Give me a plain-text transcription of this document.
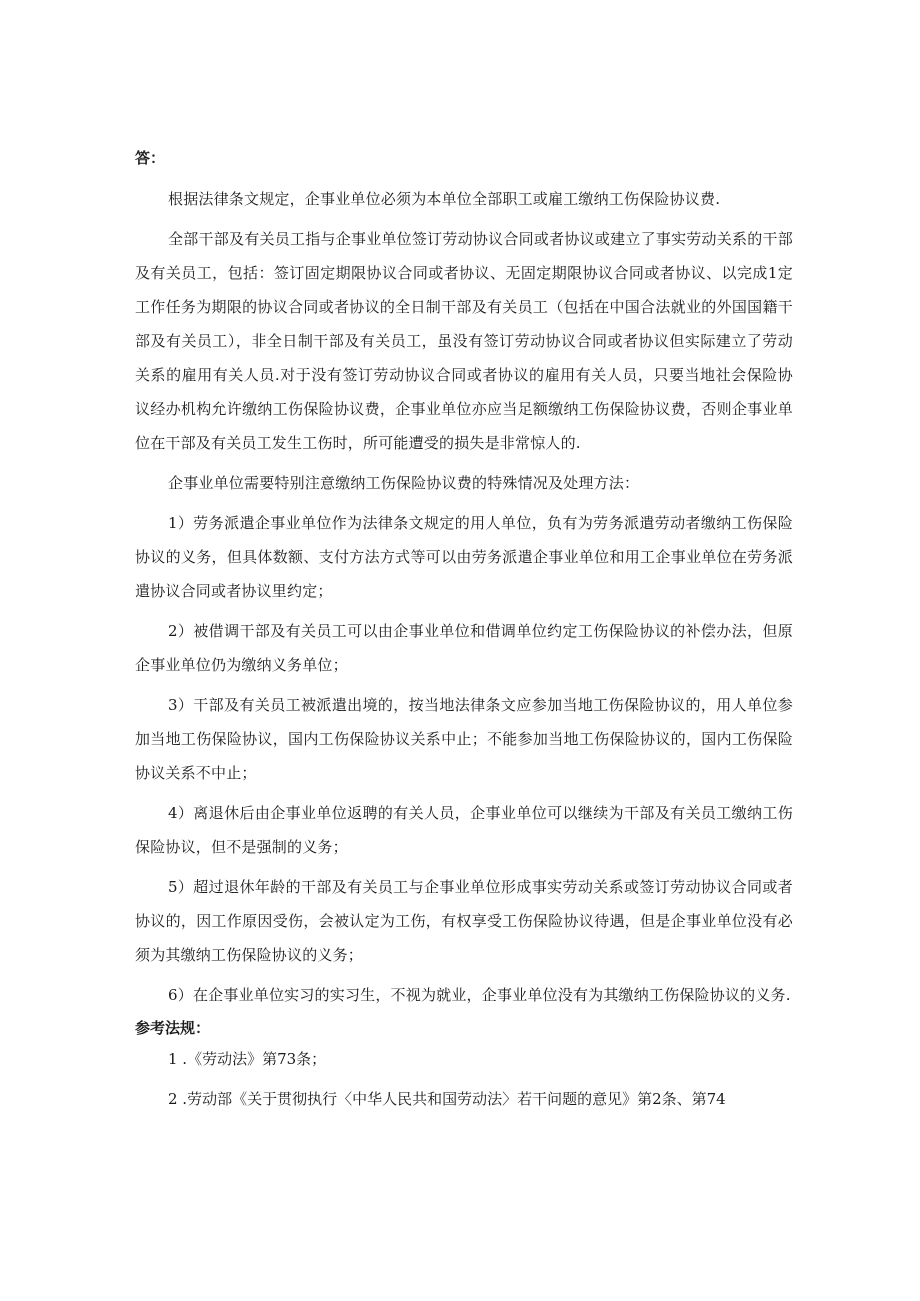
答：

根据法律条文规定，企事业单位必须为本单位全部职工或雇工缴纳工伤保险协议费.

全部干部及有关员工指与企事业单位签订劳动协议合同或者协议或建立了事实劳动关系的干部及有关员工，包括：签订固定期限协议合同或者协议、无固定期限协议合同或者协议、以完成1定工作任务为期限的协议合同或者协议的全日制干部及有关员工（包括在中国合法就业的外国国籍干部及有关员工），非全日制干部及有关员工，虽没有签订劳动协议合同或者协议但实际建立了劳动关系的雇用有关人员.对于没有签订劳动协议合同或者协议的雇用有关人员，只要当地社会保险协议经办机构允许缴纳工伤保险协议费，企事业单位亦应当足额缴纳工伤保险协议费，否则企事业单位在干部及有关员工发生工伤时，所可能遭受的损失是非常惊人的.

企事业单位需要特别注意缴纳工伤保险协议费的特殊情况及处理方法：

1）劳务派遣企事业单位作为法律条文规定的用人单位，负有为劳务派遣劳动者缴纳工伤保险协议的义务，但具体数额、支付方法方式等可以由劳务派遣企事业单位和用工企事业单位在劳务派遣协议合同或者协议里约定；

2）被借调干部及有关员工可以由企事业单位和借调单位约定工伤保险协议的补偿办法，但原企事业单位仍为缴纳义务单位；

3）干部及有关员工被派遣出境的，按当地法律条文应参加当地工伤保险协议的，用人单位参加当地工伤保险协议，国内工伤保险协议关系中止；不能参加当地工伤保险协议的，国内工伤保险协议关系不中止；

4）离退休后由企事业单位返聘的有关人员，企事业单位可以继续为干部及有关员工缴纳工伤保险协议，但不是强制的义务；

5）超过退休年龄的干部及有关员工与企事业单位形成事实劳动关系或签订劳动协议合同或者协议的，因工作原因受伤，会被认定为工伤，有权享受工伤保险协议待遇，但是企事业单位没有必须为其缴纳工伤保险协议的义务；

6）在企事业单位实习的实习生，不视为就业，企事业单位没有为其缴纳工伤保险协议的义务.

参考法规：

1 .《劳动法》第73条；

2 .劳动部《关于贯彻执行〈中华人民共和国劳动法〉若干问题的意见》第2条、第74
